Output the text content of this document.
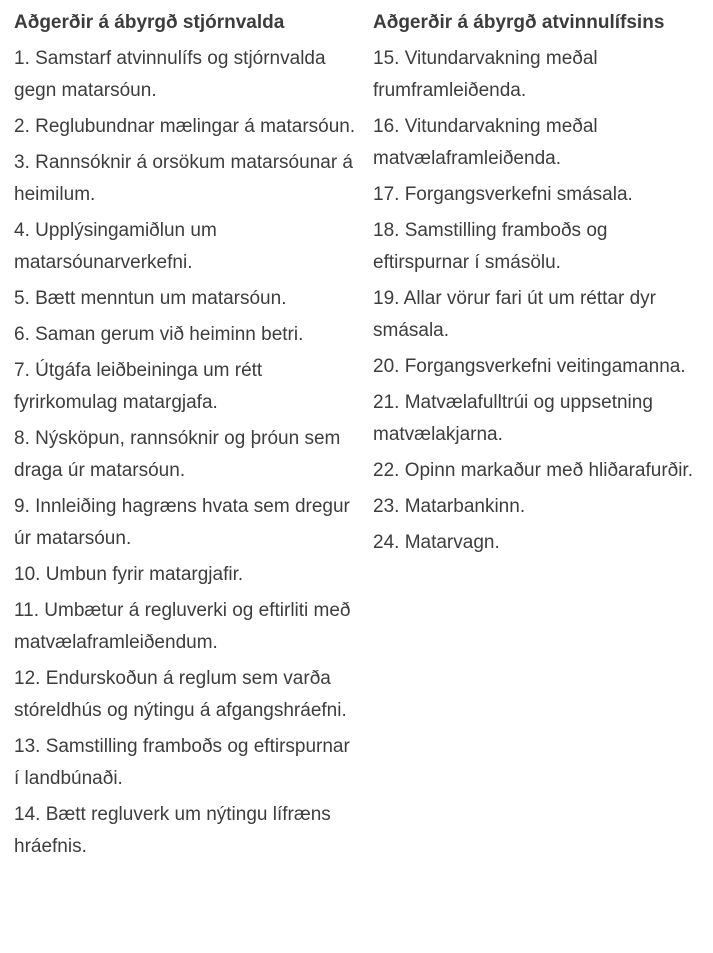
Aðgerðir á ábyrgð stjórnvalda
1. Samstarf atvinnulífs og stjórnvalda gegn matarsóun.
2. Reglubundnar mælingar á matarsóun.
3. Rannsóknir á orsökum matarsóunar á heimilum.
4. Upplýsingamiðlun um matarsóunarverkefni.
5. Bætt menntun um matarsóun.
6. Saman gerum við heiminn betri.
7. Útgáfa leiðbeininga um rétt fyrirkomulag matargjafa.
8. Nýsköpun, rannsóknir og þróun sem draga úr matarsóun.
9. Innleiðing hagræns hvata sem dregur úr matarsóun.
10. Umbun fyrir matargjafir.
11. Umbætur á regluverki og eftirliti með matvælaframleiðendum.
12. Endurskoðun á reglum sem varða stóreldhús og nýtingu á afgangshráefni.
13. Samstilling framboðs og eftirspurnar í landbúnaði.
14. Bætt regluverk um nýtingu lífræns hráefnis.
Aðgerðir á ábyrgð atvinnulífsins
15. Vitundarvakning meðal frumframleiðenda.
16. Vitundarvakning meðal matvælaframleiðenda.
17. Forgangsverkefni smásala.
18. Samstilling framboðs og eftirspurnar í smásölu.
19. Allar vörur fari út um réttar dyr smásala.
20. Forgangsverkefni veitingamanna.
21. Matvælafulltrúi og uppsetning matvælakjarna.
22. Opinn markaður með hliðarafurðir.
23. Matarbankinn.
24. Matarvagn.
